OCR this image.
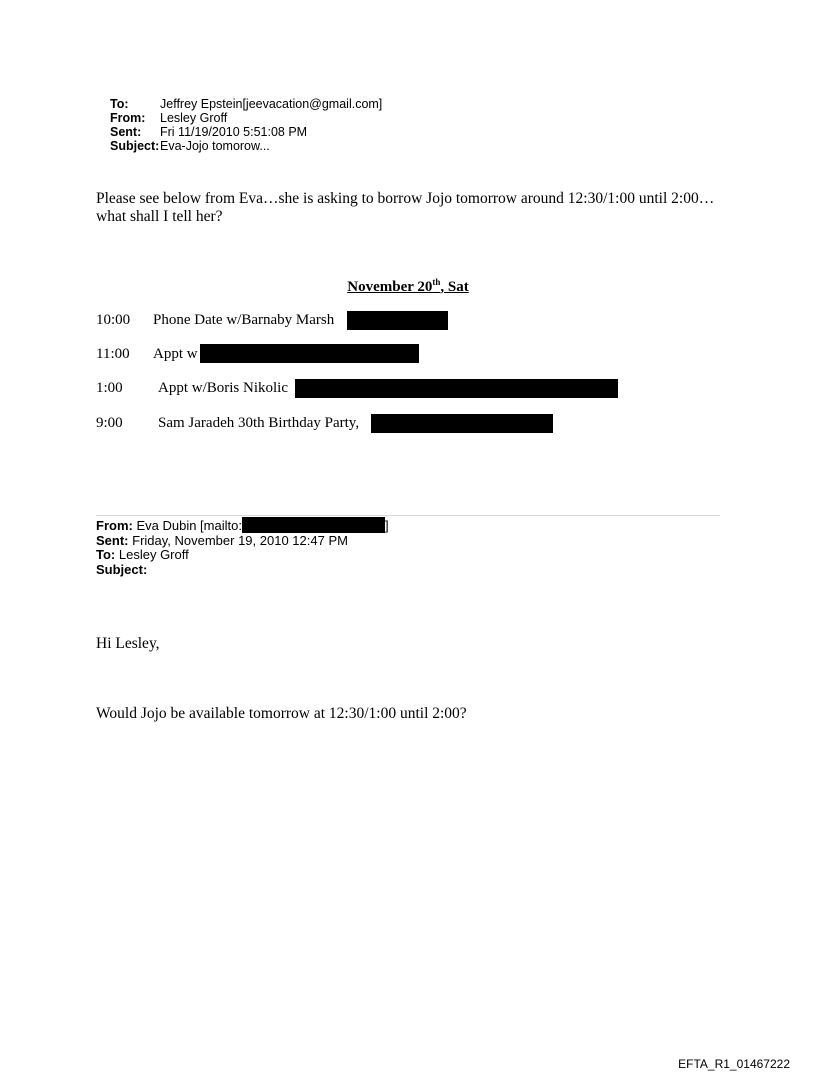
To:	Jeffrey Epstein[jeevacation@gmail.com]
From:	Lesley Groff
Sent:	Fri 11/19/2010 5:51:08 PM
Subject: Eva-Jojo tomorow...
Please see below from Eva…she is asking to borrow Jojo tomorrow around 12:30/1:00 until 2:00…what shall I tell her?
November 20th, Sat
10:00 Phone Date w/Barnaby Marsh
11:00 Appt w
1:00 Appt w/Boris Nikolic
9:00 Sam Jaradeh 30th Birthday Party,
From: Eva Dubin [mailto:	]
Sent: Friday, November 19, 2010 12:47 PM
To: Lesley Groff
Subject:
Hi Lesley,
Would Jojo be available tomorrow at 12:30/1:00 until 2:00?
EFTA_R1_01467222
